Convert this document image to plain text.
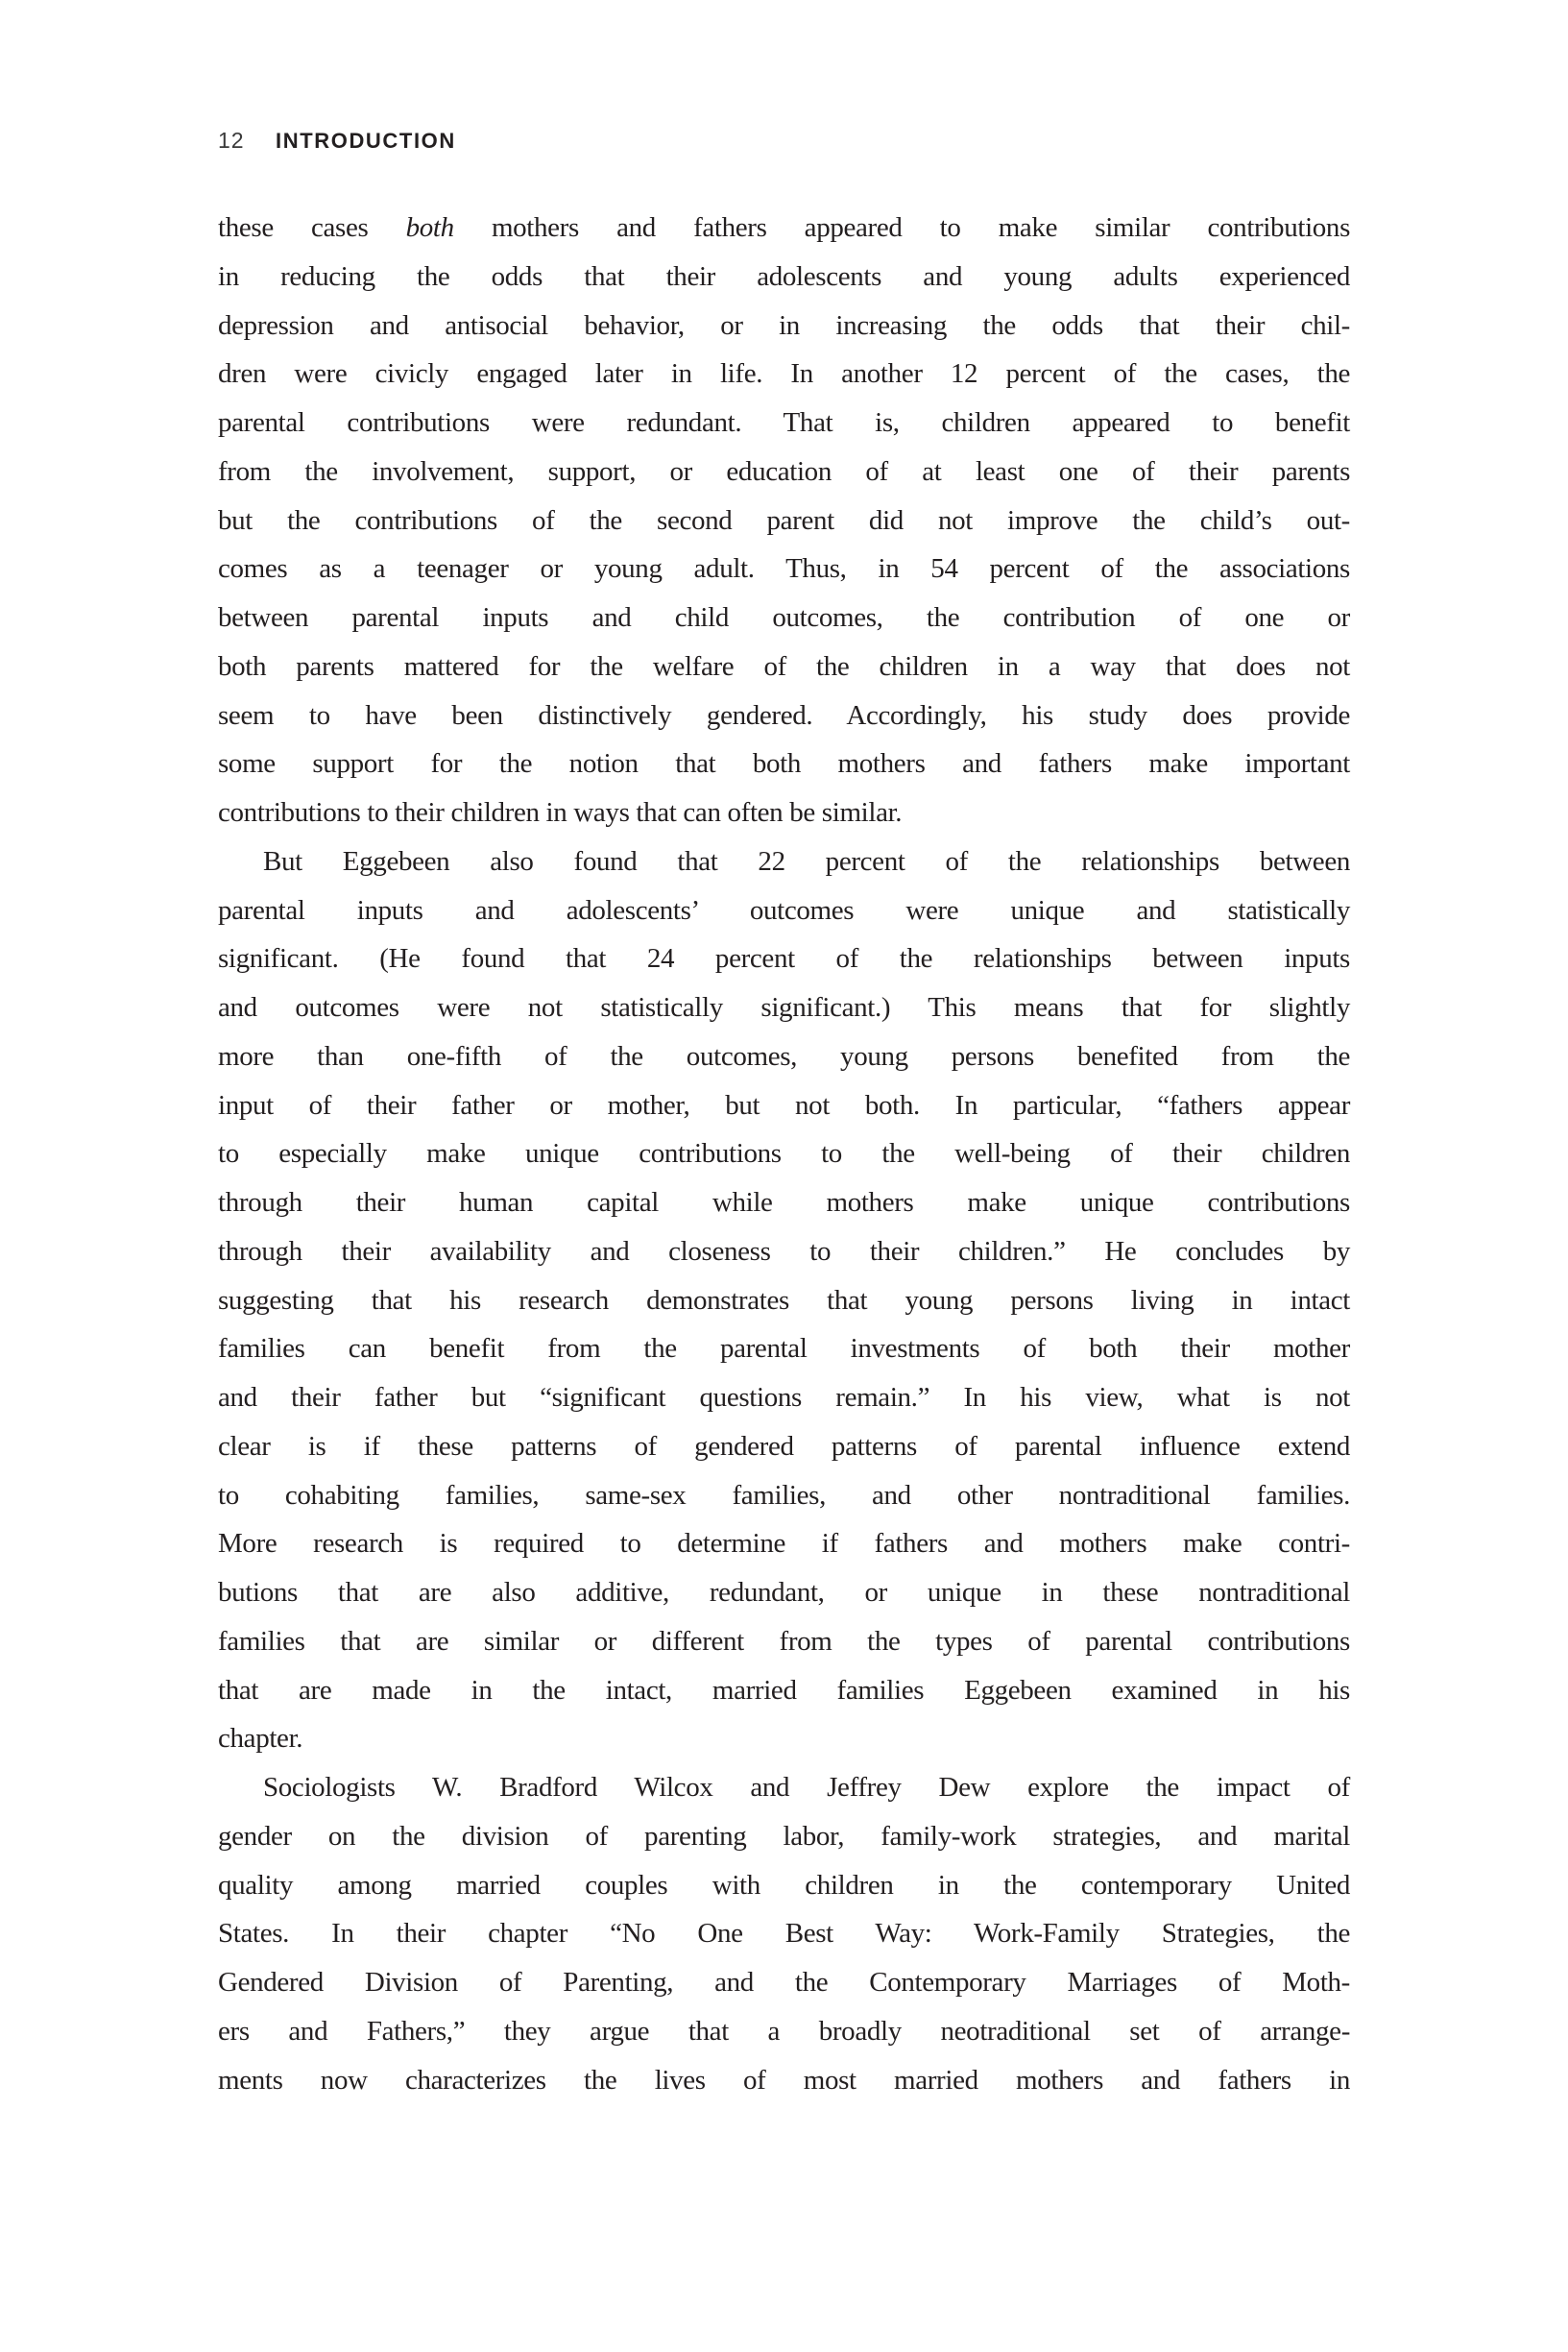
12	INTRODUCTION
these cases both mothers and fathers appeared to make similar contributions
in reducing the odds that their adolescents and young adults experienced
depression and antisocial behavior, or in increasing the odds that their chil-
dren were civicly engaged later in life. In another 12 percent of the cases, the
parental contributions were redundant. That is, children appeared to benefit
from the involvement, support, or education of at least one of their parents
but the contributions of the second parent did not improve the child’s out-
comes as a teenager or young adult. Thus, in 54 percent of the associations
between parental inputs and child outcomes, the contribution of one or
both parents mattered for the welfare of the children in a way that does not
seem to have been distinctively gendered. Accordingly, his study does provide
some support for the notion that both mothers and fathers make important
contributions to their children in ways that can often be similar.
But Eggebeen also found that 22 percent of the relationships between
parental inputs and adolescents’ outcomes were unique and statistically
significant. (He found that 24 percent of the relationships between inputs
and outcomes were not statistically significant.) This means that for slightly
more than one-fifth of the outcomes, young persons benefited from the
input of their father or mother, but not both. In particular, “fathers appear
to especially make unique contributions to the well-being of their children
through their human capital while mothers make unique contributions
through their availability and closeness to their children.” He concludes by
suggesting that his research demonstrates that young persons living in intact
families can benefit from the parental investments of both their mother
and their father but “significant questions remain.” In his view, what is not
clear is if these patterns of gendered patterns of parental influence extend
to cohabiting families, same-sex families, and other nontraditional families.
More research is required to determine if fathers and mothers make contri-
butions that are also additive, redundant, or unique in these nontraditional
families that are similar or different from the types of parental contributions
that are made in the intact, married families Eggebeen examined in his
chapter.
Sociologists W. Bradford Wilcox and Jeffrey Dew explore the impact of
gender on the division of parenting labor, family-work strategies, and marital
quality among married couples with children in the contemporary United
States. In their chapter “No One Best Way: Work-Family Strategies, the
Gendered Division of Parenting, and the Contemporary Marriages of Moth-
ers and Fathers,” they argue that a broadly neotraditional set of arrange-
ments now characterizes the lives of most married mothers and fathers in
